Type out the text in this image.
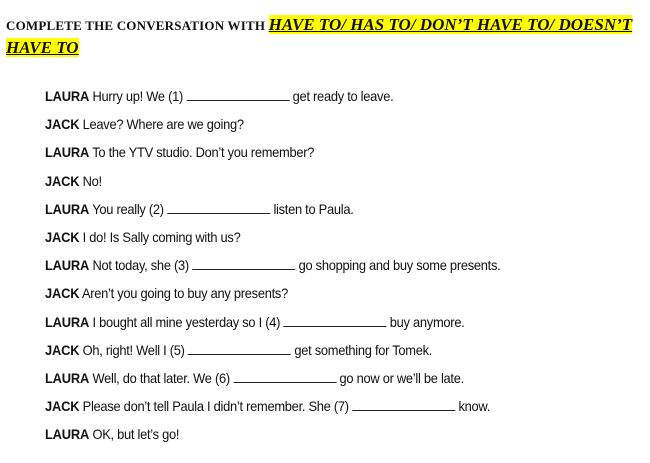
COMPLETE THE CONVERSATION WITH HAVE TO/ HAS TO/ DON’T HAVE TO/ DOESN’T HAVE TO
LAURA Hurry up! We (1)	get ready to leave.
JACK Leave? Where are we going?
LAURA To the YTV studio. Don’t you remember?
JACK No!
LAURA You really (2)	listen to Paula.
JACK I do! Is Sally coming with us?
LAURA Not today, she (3)	go shopping and buy some presents.
JACK Aren’t you going to buy any presents?
LAURA I bought all mine yesterday so I (4)	buy anymore.
JACK Oh, right! Well I (5)	get something for Tomek.
LAURA Well, do that later. We (6)	go now or we’ll be late.
JACK Please don’t tell Paula I didn’t remember. She (7)	know.
LAURA OK, but let’s go!
